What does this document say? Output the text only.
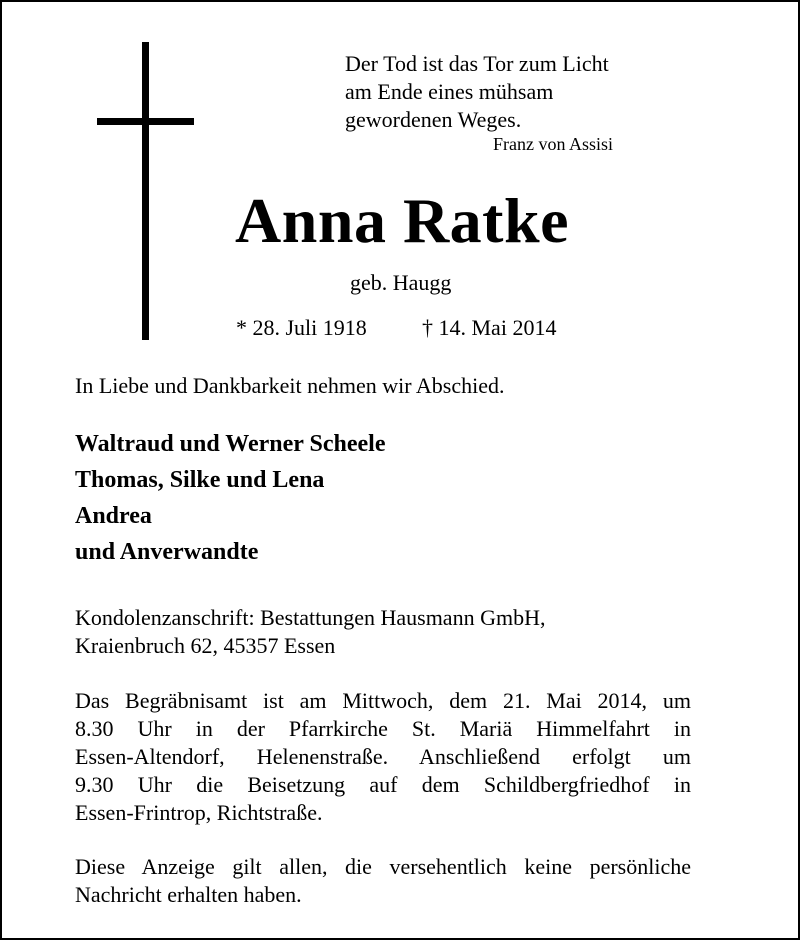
Der Tod ist das Tor zum Licht
am Ende eines mühsam
gewordenen Weges.
Franz von Assisi
Anna Ratke
geb. Haugg
* 28. Juli 1918	† 14. Mai 2014
In Liebe und Dankbarkeit nehmen wir Abschied.
Waltraud und Werner Scheele
Thomas, Silke und Lena
Andrea
und Anverwandte
Kondolenzanschrift: Bestattungen Hausmann GmbH,
Kraienbruch 62, 45357 Essen
Das Begräbnisamt ist am Mittwoch, dem 21. Mai 2014, um
8.30 Uhr in der Pfarrkirche St. Mariä Himmelfahrt in
Essen-Altendorf, Helenenstraße. Anschließend erfolgt um
9.30 Uhr die Beisetzung auf dem Schildbergfriedhof in
Essen-Frintrop, Richtstraße.
Diese Anzeige gilt allen, die versehentlich keine persönliche
Nachricht erhalten haben.
